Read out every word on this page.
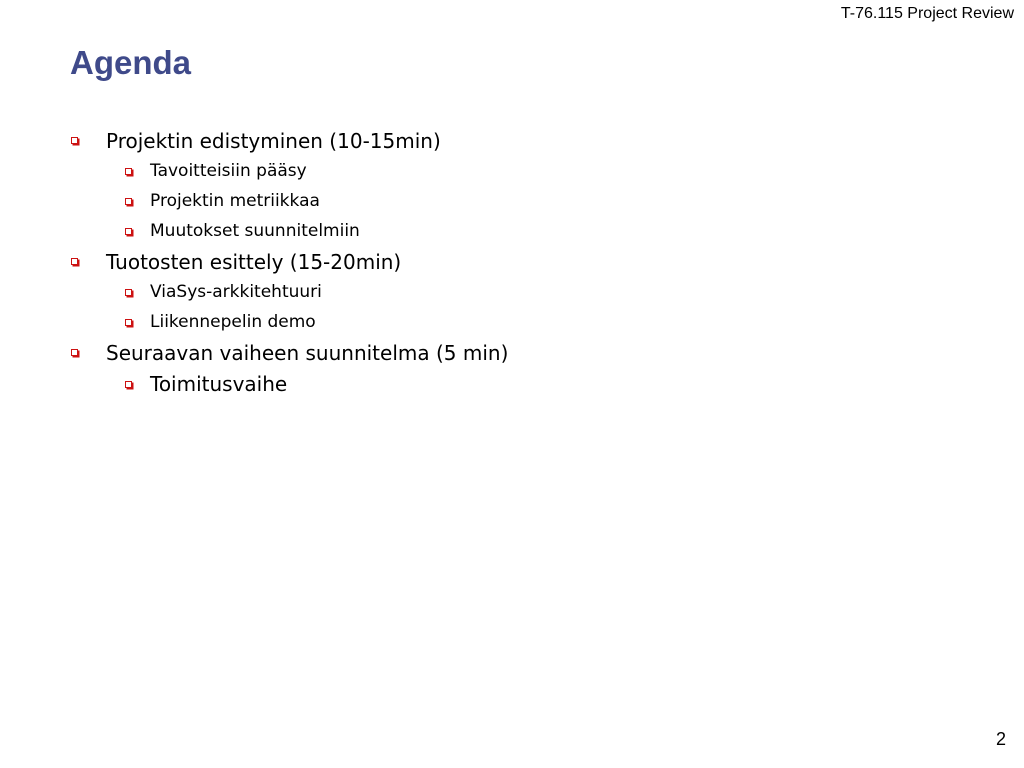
T-76.115 Project Review
Agenda
Projektin edistyminen (10-15min)
Tavoitteisiin pääsy
Projektin metriikkaa
Muutokset suunnitelmiin
Tuotosten esittely (15-20min)
ViaSys-arkkitehtuuri
Liikennepelin demo
Seuraavan vaiheen suunnitelma (5 min)
Toimitusvaihe
2
